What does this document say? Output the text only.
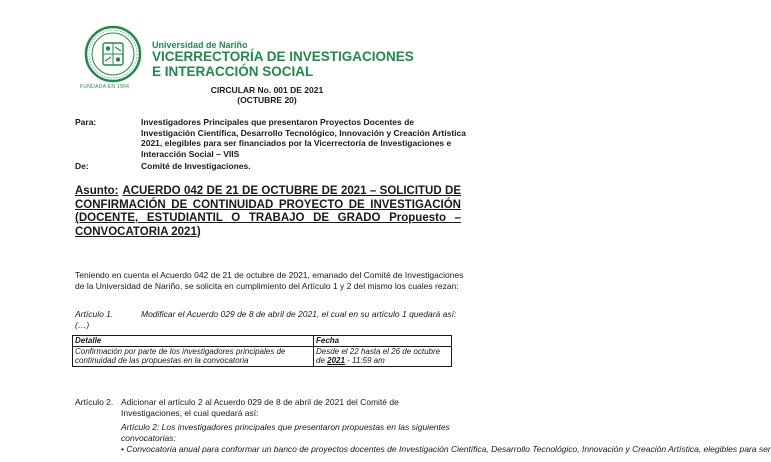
FUNDADA EN 1904
Universidad de Nariño
VICERRECTORÍA DE INVESTIGACIONES
E INTERACCIÓN SOCIAL
CIRCULAR No. 001 DE 2021
(OCTUBRE 20)
Para:	Investigadores Principales que presentaron Proyectos Docentes de Investigación Científica, Desarrollo Tecnológico, Innovación y Creación Artística 2021, elegibles para ser financiados por la Vicerrectoría de Investigaciones e Interacción Social – VIIS
De:	Comité de Investigaciones.
Asunto: ACUERDO 042 DE 21 DE OCTUBRE DE 2021 – SOLICITUD DE CONFIRMACIÓN DE CONTINUIDAD PROYECTO DE INVESTIGACIÓN (DOCENTE, ESTUDIANTIL O TRABAJO DE GRADO Propuesto – CONVOCATORIA 2021)
Teniendo en cuenta el Acuerdo 042 de 21 de octubre de 2021, emanado del Comité de Investigaciones de la Universidad de Nariño, se solicita en cumplimiento del Artículo 1 y 2 del mismo los cuales rezan:
Artículo 1.	Modificar el Acuerdo 029 de 8 de abril de 2021, el cual en su artículo 1 quedará así:
(…)
Detalle	Fecha
Confirmación por parte de los investigadores principales de continuidad de las propuestas en la convocatoria	Desde el 22 hasta el 26 de octubre de 2021 - 11:59 am
Artículo 2. Adicionar el artículo 2 al Acuerdo 029 de 8 de abril de 2021 del Comité de Investigaciones, el cual quedará así:
Artículo 2: Los investigadores principales que presentaron propuestas en las siguientes convocatorias:
• Convocatoria anual para conformar un banco de proyectos docentes de Investigación Científica, Desarrollo Tecnológico, Innovación y Creación Artística, elegibles para ser
